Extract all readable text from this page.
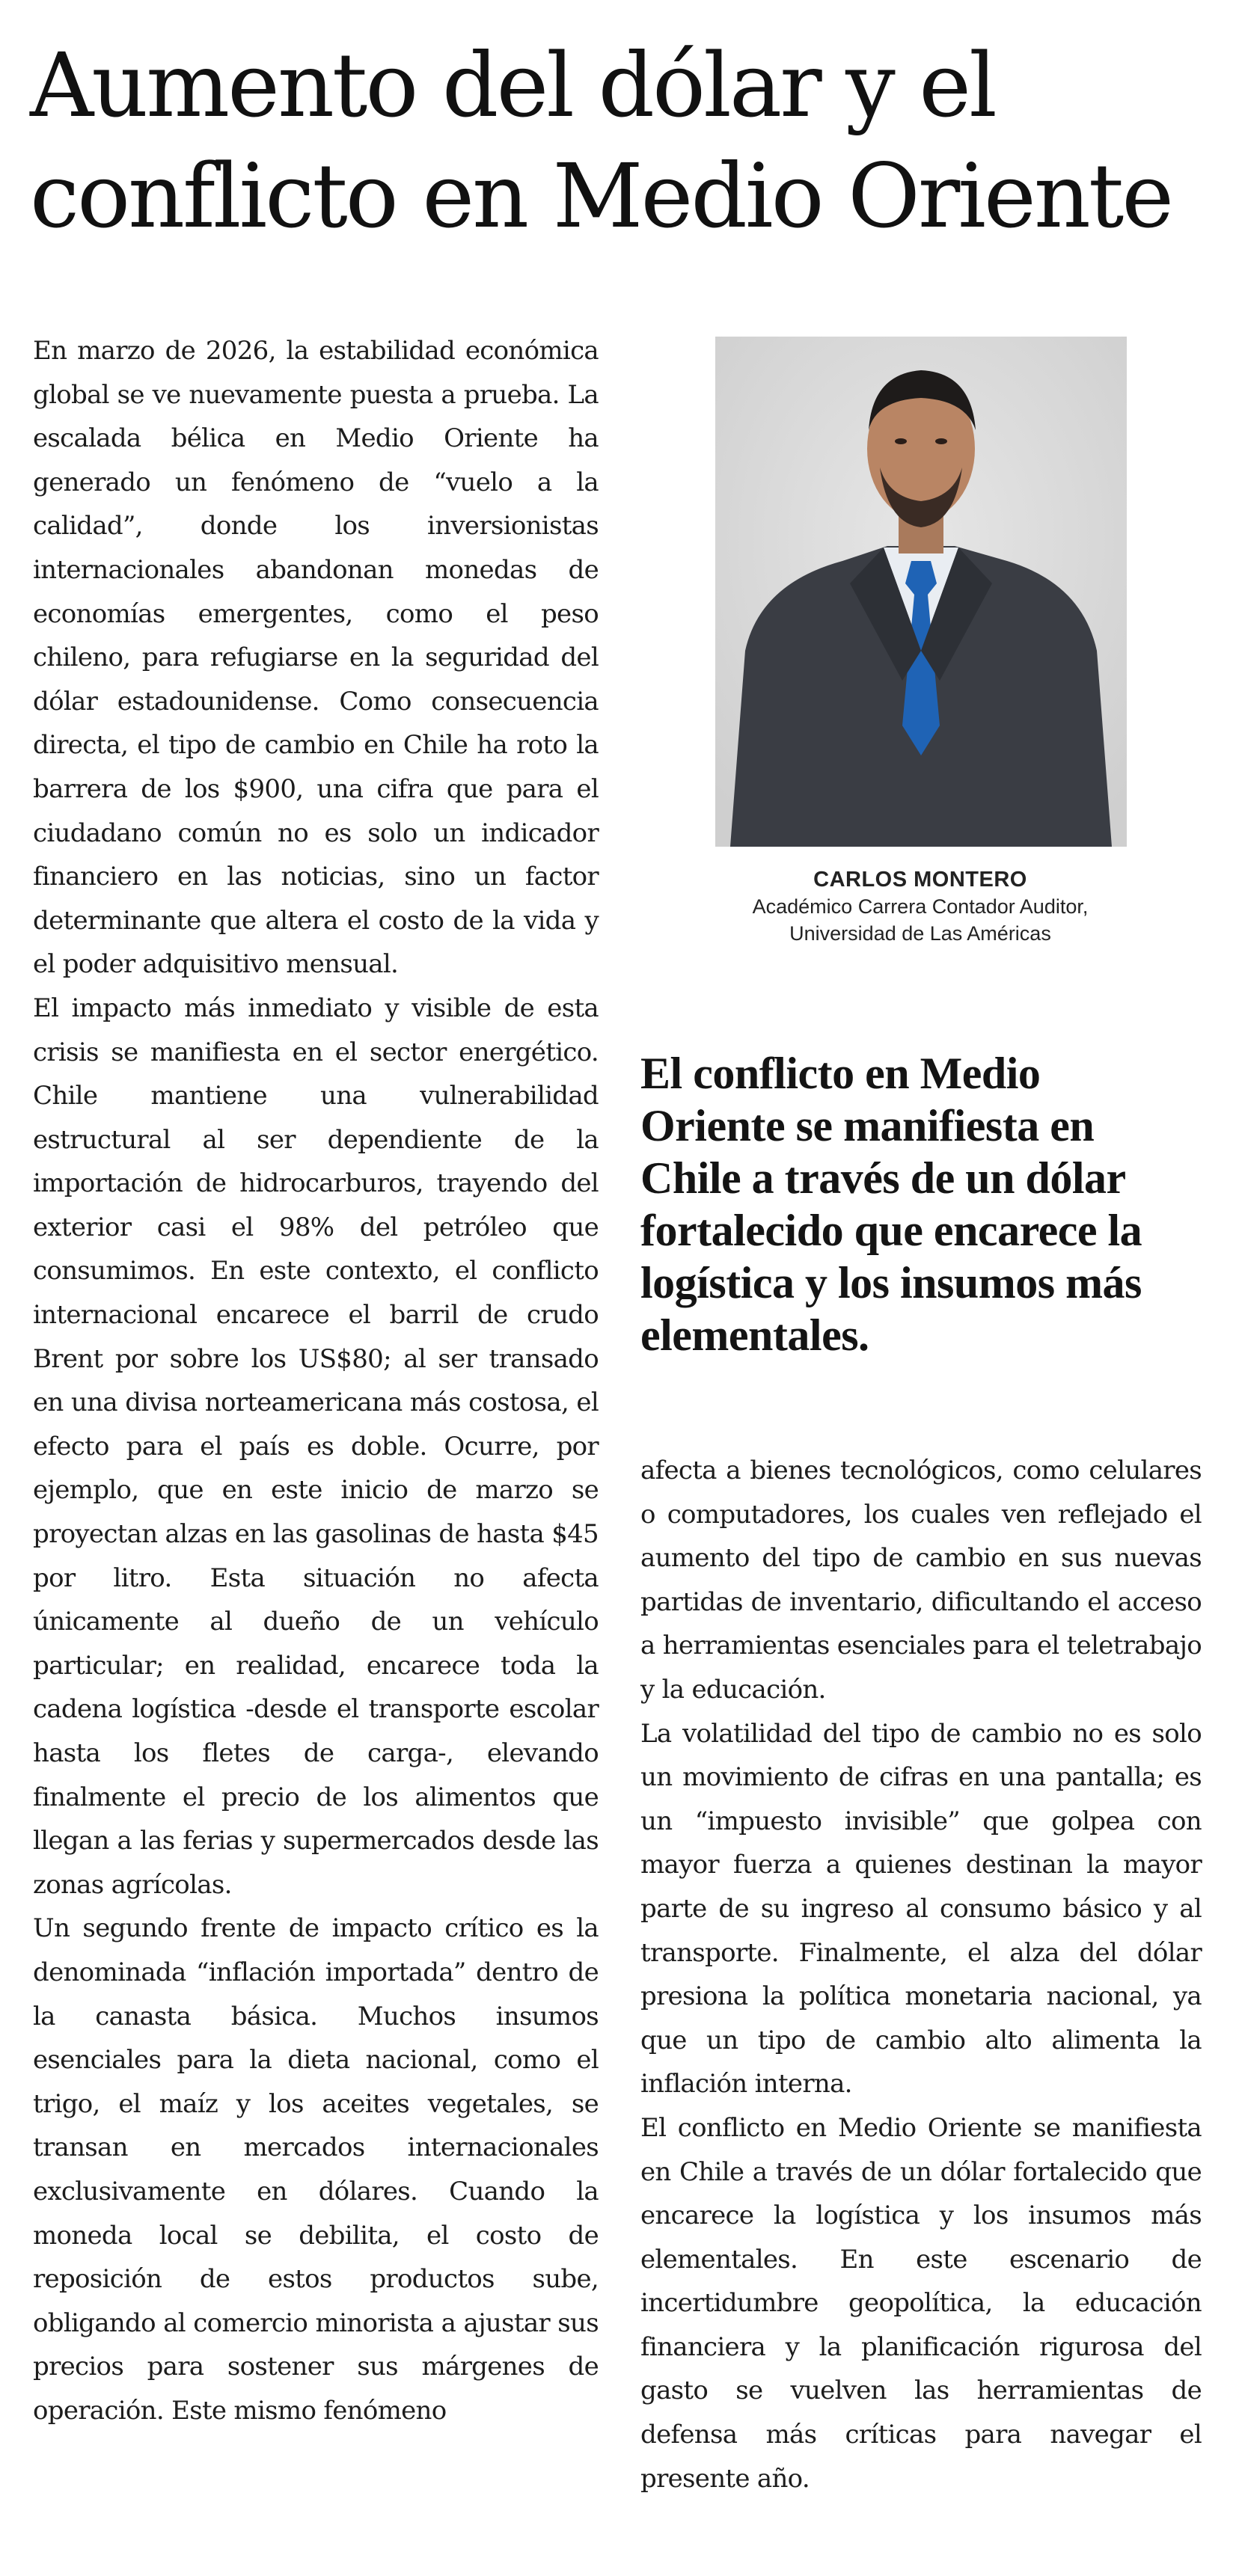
Aumento del dólar y el
conflicto en Medio Oriente

En marzo de 2026, la estabilidad económica global se ve nuevamente puesta a prueba. La escalada bélica en Medio Oriente ha generado un fenómeno de “vuelo a la calidad”, donde los inversionistas internacionales abandonan monedas de economías emergentes, como el peso chileno, para refugiarse en la seguridad del dólar estadounidense. Como consecuencia directa, el tipo de cambio en Chile ha roto la barrera de los $900, una cifra que para el ciudadano común no es solo un indicador financiero en las noticias, sino un factor determinante que altera el costo de la vida y el poder adquisitivo mensual.

El impacto más inmediato y visible de esta crisis se manifiesta en el sector energético. Chile mantiene una vulnerabilidad estructural al ser dependiente de la importación de hidrocarburos, trayendo del exterior casi el 98% del petróleo que consumimos. En este contexto, el conflicto internacional encarece el barril de crudo Brent por sobre los US$80; al ser transado en una divisa norteamericana más costosa, el efecto para el país es doble. Ocurre, por ejemplo, que en este inicio de marzo se proyectan alzas en las gasolinas de hasta $45 por litro. Esta situación no afecta únicamente al dueño de un vehículo particular; en realidad, encarece toda la cadena logística -desde el transporte escolar hasta los fletes de carga-, elevando finalmente el precio de los alimentos que llegan a las ferias y supermercados desde las zonas agrícolas.

Un segundo frente de impacto crítico es la denominada “inflación importada” dentro de la canasta básica. Muchos insumos esenciales para la dieta nacional, como el trigo, el maíz y los aceites vegetales, se transan en mercados internacionales exclusivamente en dólares. Cuando la moneda local se debilita, el costo de reposición de estos productos sube, obligando al comercio minorista a ajustar sus precios para sostener sus márgenes de operación. Este mismo fenómeno

CARLOS MONTERO
Académico Carrera Contador Auditor,
Universidad de Las Américas
El conflicto en Medio Oriente se manifiesta en Chile a través de un dólar fortalecido que encarece la logística y los insumos más elementales.

afecta a bienes tecnológicos, como celulares o computadores, los cuales ven reflejado el aumento del tipo de cambio en sus nuevas partidas de inventario, dificultando el acceso a herramientas esenciales para el teletrabajo y la educación.

La volatilidad del tipo de cambio no es solo un movimiento de cifras en una pantalla; es un “impuesto invisible” que golpea con mayor fuerza a quienes destinan la mayor parte de su ingreso al consumo básico y al transporte. Finalmente, el alza del dólar presiona la política monetaria nacional, ya que un tipo de cambio alto alimenta la inflación interna.

El conflicto en Medio Oriente se manifiesta en Chile a través de un dólar fortalecido que encarece la logística y los insumos más elementales. En este escenario de incertidumbre geopolítica, la educación financiera y la planificación rigurosa del gasto se vuelven las herramientas de defensa más críticas para navegar el presente año.
